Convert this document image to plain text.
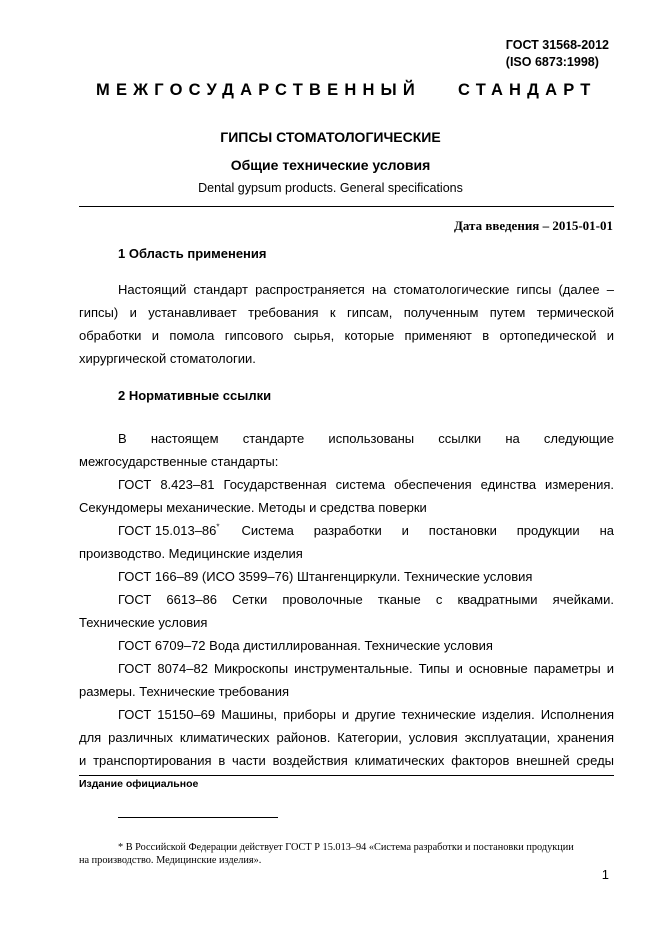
ГОСТ 31568-2012
(ISO 6873:1998)
МЕЖГОСУДАРСТВЕННЫЙ СТАНДАРТ
ГИПСЫ СТОМАТОЛОГИЧЕСКИЕ
Общие технические условия
Dental gypsum products. General specifications
Дата введения – 2015-01-01
1 Область применения
Настоящий стандарт распространяется на стоматологические гипсы (далее –
гипсы) и устанавливает требования к гипсам, полученным путем термической
обработки и помола гипсового сырья, которые применяют в ортопедической и
хирургической стоматологии.
2 Нормативные ссылки
В настоящем стандарте использованы ссылки на следующие
межгосударственные стандарты:
ГОСТ 8.423–81 Государственная система обеспечения единства измерения.
Секундомеры механические. Методы и средства поверки
ГОСТ 15.013–86* Система разработки и постановки продукции на
производство. Медицинские изделия
ГОСТ 166–89 (ИСО 3599–76) Штангенциркули. Технические условия
ГОСТ 6613–86 Сетки проволочные тканые с квадратными ячейками.
Технические условия
ГОСТ 6709–72 Вода дистиллированная. Технические условия
ГОСТ 8074–82 Микроскопы инструментальные. Типы и основные параметры и
размеры. Технические требования
ГОСТ 15150–69 Машины, приборы и другие технические изделия. Исполнения
для различных климатических районов. Категории, условия эксплуатации, хранения
и транспортирования в части воздействия климатических факторов внешней среды
Издание официальное
* В Российской Федерации действует ГОСТ Р 15.013–94 «Система разработки и постановки продукции
на производство. Медицинские изделия».
1
